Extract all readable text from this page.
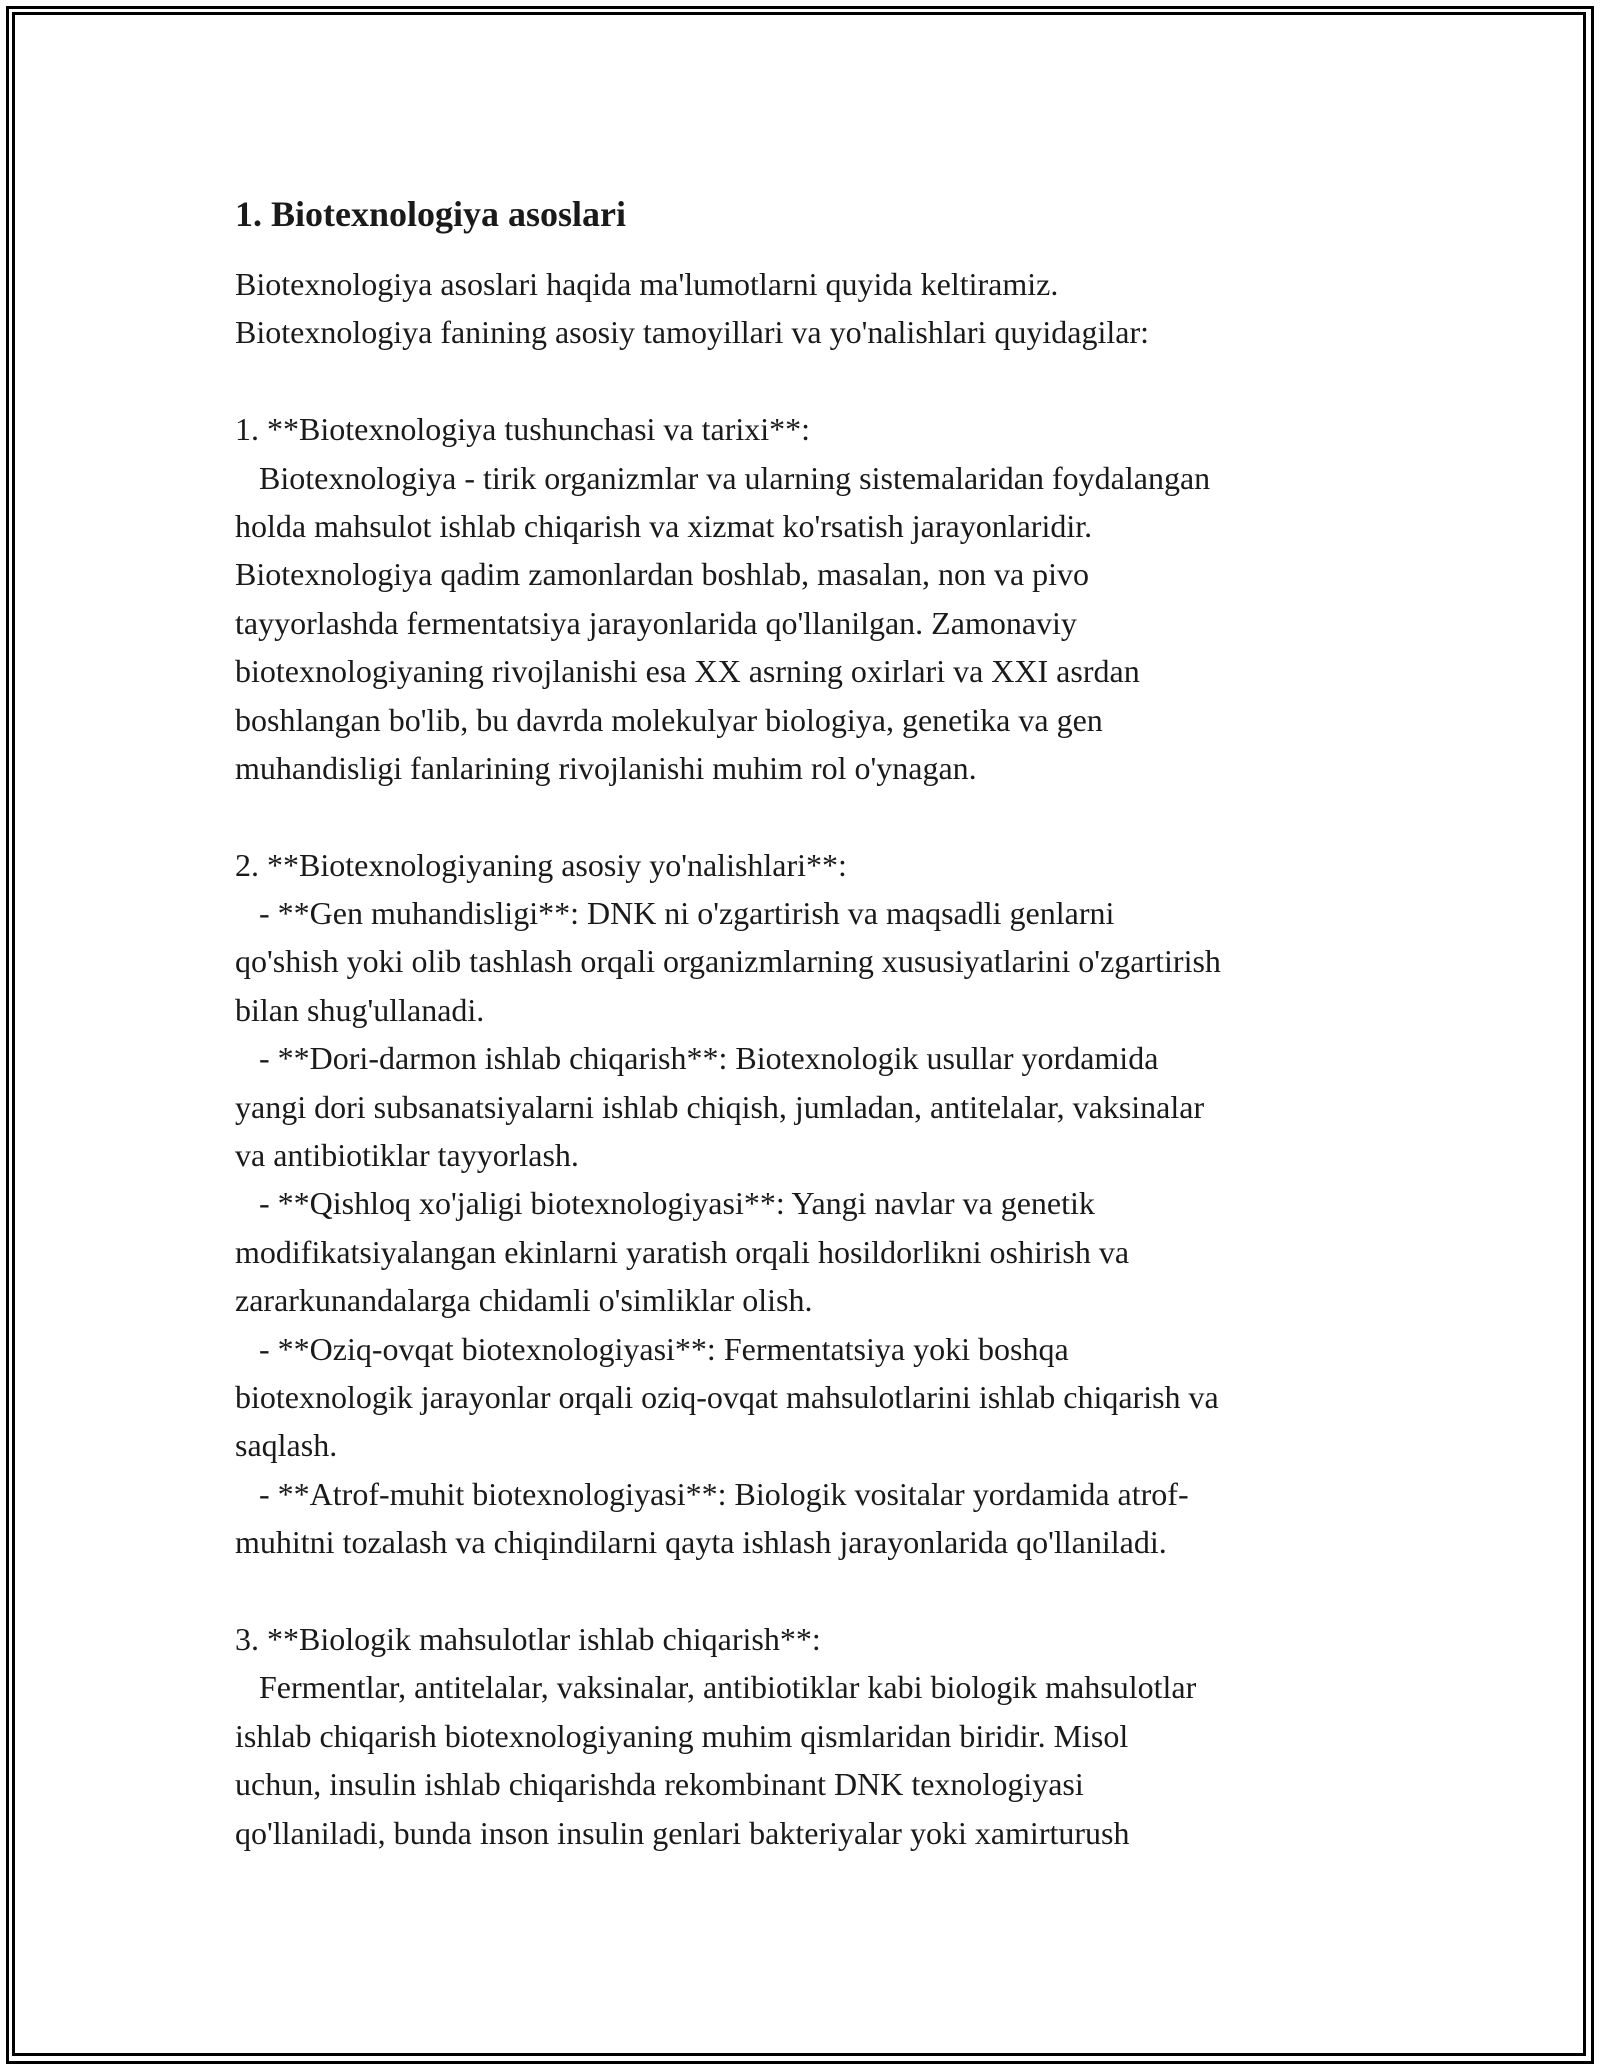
1. Biotexnologiya asoslari
Biotexnologiya asoslari haqida ma'lumotlarni quyida keltiramiz.
Biotexnologiya fanining asosiy tamoyillari va yo'nalishlari quyidagilar:
1. **Biotexnologiya tushunchasi va tarixi**:
Biotexnologiya - tirik organizmlar va ularning sistemalaridan foydalangan
holda mahsulot ishlab chiqarish va xizmat ko'rsatish jarayonlaridir.
Biotexnologiya qadim zamonlardan boshlab, masalan, non va pivo
tayyorlashda fermentatsiya jarayonlarida qo'llanilgan. Zamonaviy
biotexnologiyaning rivojlanishi esa XX asrning oxirlari va XXI asrdan
boshlangan bo'lib, bu davrda molekulyar biologiya, genetika va gen
muhandisligi fanlarining rivojlanishi muhim rol o'ynagan.
2. **Biotexnologiyaning asosiy yo'nalishlari**:
- **Gen muhandisligi**: DNK ni o'zgartirish va maqsadli genlarni
qo'shish yoki olib tashlash orqali organizmlarning xususiyatlarini o'zgartirish
bilan shug'ullanadi.
- **Dori-darmon ishlab chiqarish**: Biotexnologik usullar yordamida
yangi dori subsanatsiyalarni ishlab chiqish, jumladan, antitelalar, vaksinalar
va antibiotiklar tayyorlash.
- **Qishloq xo'jaligi biotexnologiyasi**: Yangi navlar va genetik
modifikatsiyalangan ekinlarni yaratish orqali hosildorlikni oshirish va
zararkunandalarga chidamli o'simliklar olish.
- **Oziq-ovqat biotexnologiyasi**: Fermentatsiya yoki boshqa
biotexnologik jarayonlar orqali oziq-ovqat mahsulotlarini ishlab chiqarish va
saqlash.
- **Atrof-muhit biotexnologiyasi**: Biologik vositalar yordamida atrof-
muhitni tozalash va chiqindilarni qayta ishlash jarayonlarida qo'llaniladi.
3. **Biologik mahsulotlar ishlab chiqarish**:
Fermentlar, antitelalar, vaksinalar, antibiotiklar kabi biologik mahsulotlar
ishlab chiqarish biotexnologiyaning muhim qismlaridan biridir. Misol
uchun, insulin ishlab chiqarishda rekombinant DNK texnologiyasi
qo'llaniladi, bunda inson insulin genlari bakteriyalar yoki xamirturush
